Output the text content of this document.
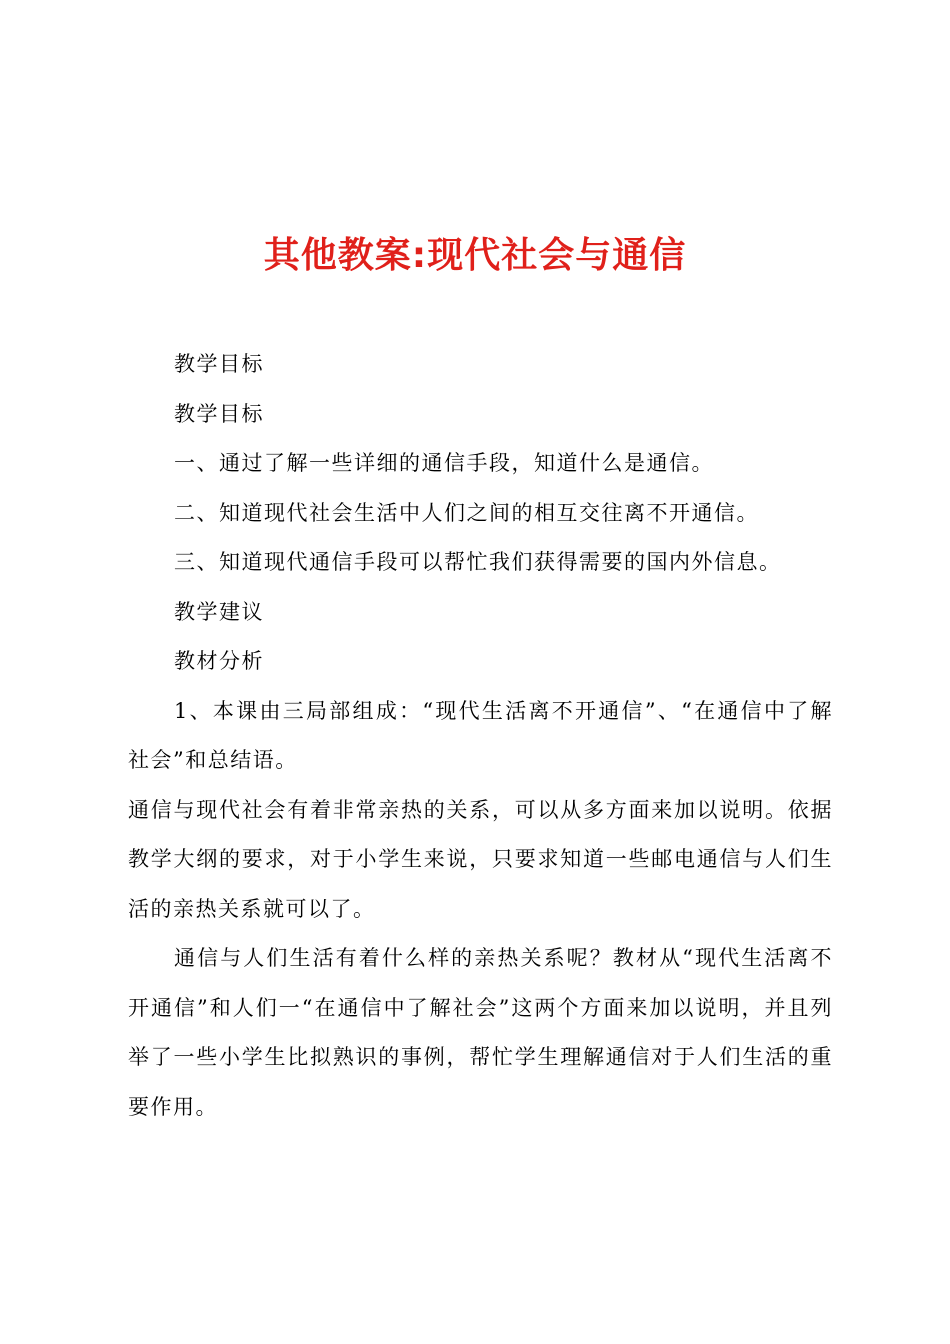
其他教案:现代社会与通信

教学目标

教学目标

一、通过了解一些详细的通信手段，知道什么是通信。

二、知道现代社会生活中人们之间的相互交往离不开通信。

三、知道现代通信手段可以帮忙我们获得需要的国内外信息。

教学建议

教材分析

1、本课由三局部组成：“现代生活离不开通信”、“在通信中了解社会”和总结语。

通信与现代社会有着非常亲热的关系，可以从多方面来加以说明。依据教学大纲的要求，对于小学生来说，只要求知道一些邮电通信与人们生活的亲热关系就可以了。

通信与人们生活有着什么样的亲热关系呢？教材从“现代生活离不开通信”和人们一“在通信中了解社会”这两个方面来加以说明，并且列举了一些小学生比拟熟识的事例，帮忙学生理解通信对于人们生活的重要作用。
